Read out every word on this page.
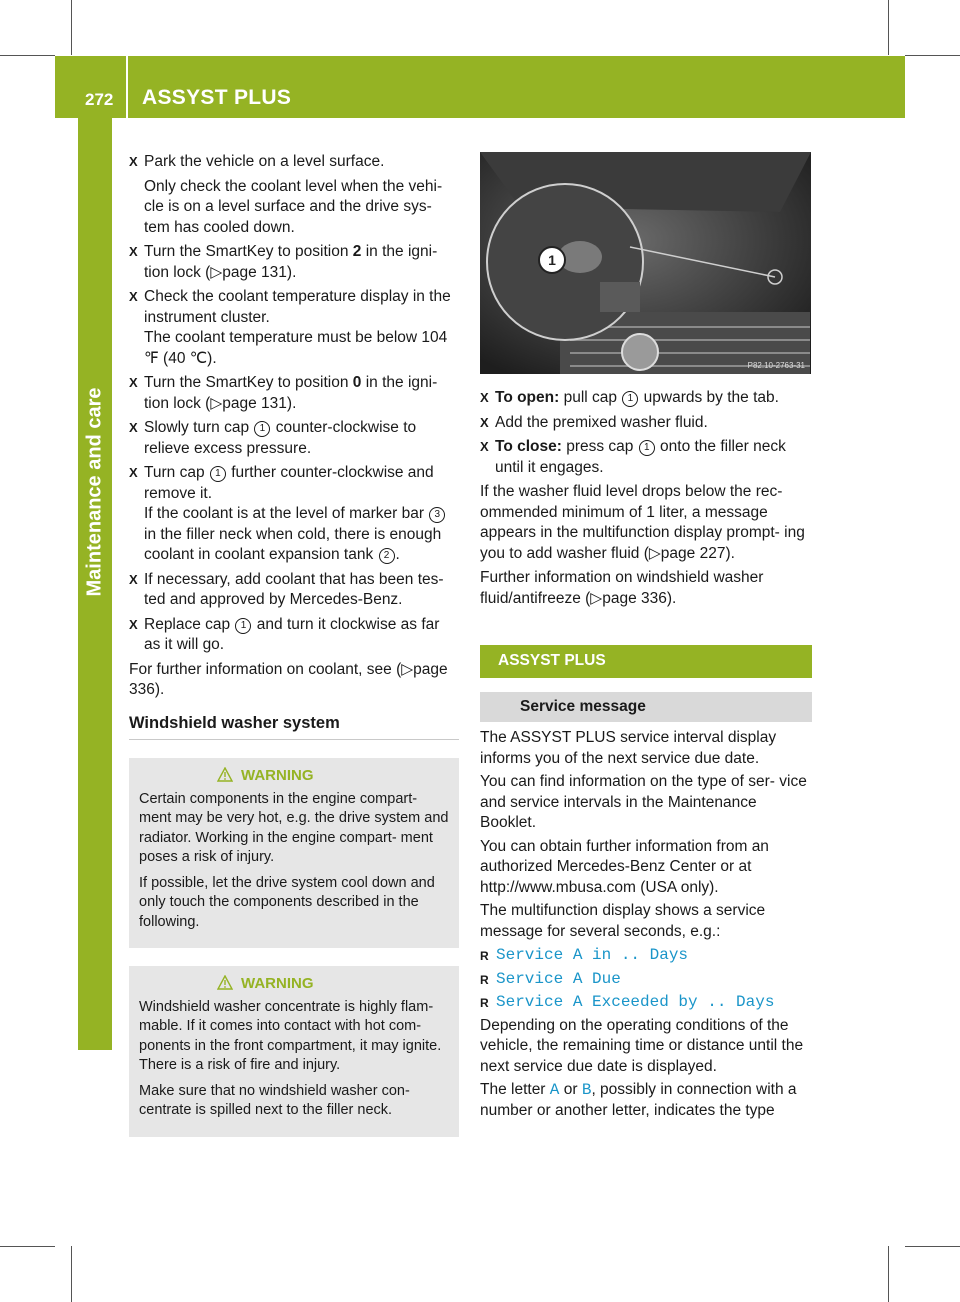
272 ASSYST PLUS
Maintenance and care
X Park the vehicle on a level surface.

Only check the coolant level when the vehi- cle is on a level surface and the drive sys- tem has cooled down.

X Turn the SmartKey to position 2 in the igni- tion lock (▷page 131).
X Check the coolant temperature display in the instrument cluster.
The coolant temperature must be below 104 ℉ (40 ℃).
X Turn the SmartKey to position 0 in the igni- tion lock (▷page 131).
X Slowly turn cap 1 counter-clockwise to relieve excess pressure.
X Turn cap 1 further counter-clockwise and remove it.
If the coolant is at the level of marker bar 3 in the filler neck when cold, there is enough coolant in coolant expansion tank 2 .
X If necessary, add coolant that has been tes- ted and approved by Mercedes-Benz.
X Replace cap 1 and turn it clockwise as far as it will go.

For further information on coolant, see (▷page 336).

Windshield washer system
WARNING

Certain components in the engine compart- ment may be very hot, e.g. the drive system and radiator. Working in the engine compart- ment poses a risk of injury.

If possible, let the drive system cool down and only touch the components described in the following.

WARNING

Windshield washer concentrate is highly flam- mable. If it comes into contact with hot com- ponents in the front compartment, it may ignite. There is a risk of fire and injury.

Make sure that no windshield washer con- centrate is spilled next to the filler neck.

1
P82.10-2763-31
X To open: pull cap 1 upwards by the tab.
X Add the premixed washer fluid.
X To close: press cap 1 onto the filler neck until it engages.

If the washer fluid level drops below the rec- ommended minimum of 1 liter, a message appears in the multifunction display prompt- ing you to add washer fluid (▷page 227).

Further information on windshield washer fluid/antifreeze (▷page 336).

ASSYST PLUS
Service message

The ASSYST PLUS service interval display informs you of the next service due date.

You can find information on the type of ser- vice and service intervals in the Maintenance Booklet.

You can obtain further information from an authorized Mercedes-Benz Center or at http://www.mbusa.com (USA only).

The multifunction display shows a service message for several seconds, e.g.:

R Service A in .. Days
R Service A Due
R Service A Exceeded by .. Days

Depending on the operating conditions of the vehicle, the remaining time or distance until the next service due date is displayed.

The letter A or B, possibly in connection with a number or another letter, indicates the type
